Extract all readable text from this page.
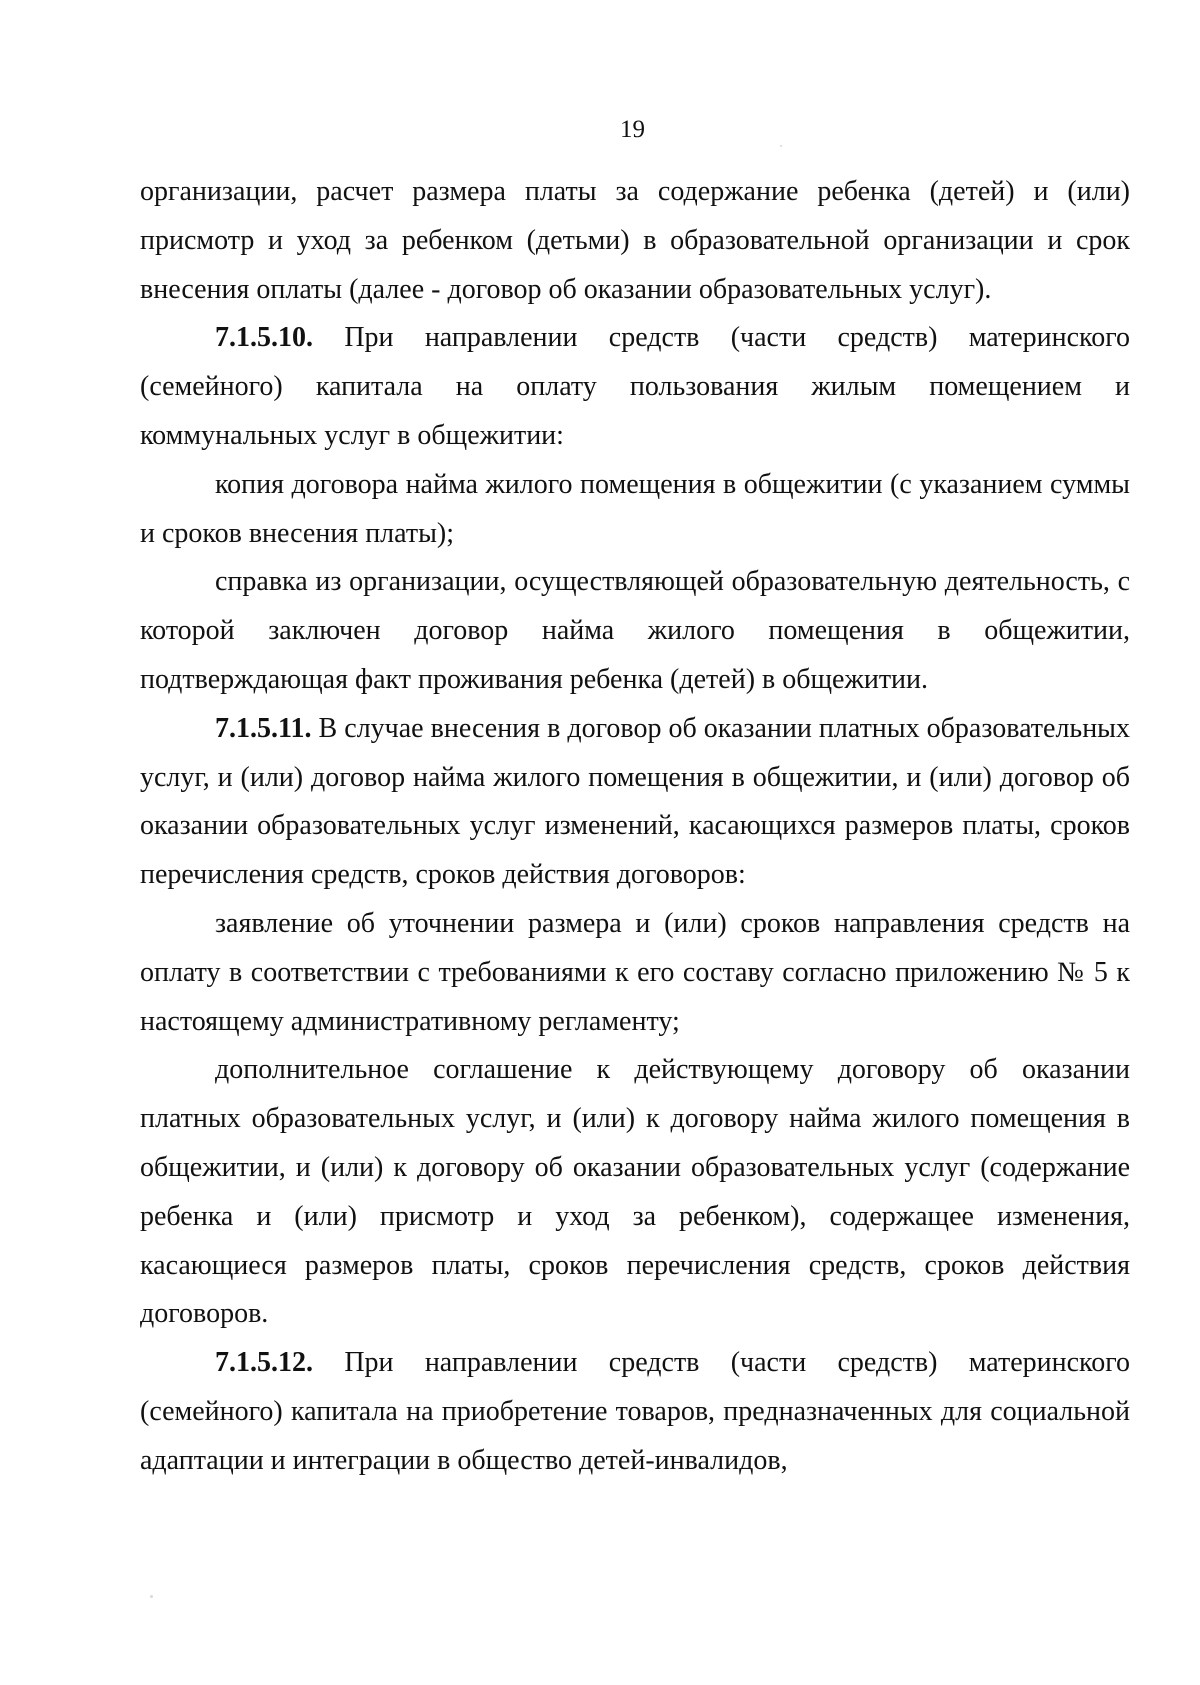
19

организации, расчет размера платы за содержание ребенка (детей) и (или) присмотр и уход за ребенком (детьми) в образовательной организации и срок внесения оплаты (далее - договор об оказании образовательных услуг).

7.1.5.10. При направлении средств (части средств) материнского (семейного) капитала на оплату пользования жилым помещением и коммунальных услуг в общежитии:

копия договора найма жилого помещения в общежитии (с указанием суммы и сроков внесения платы);

справка из организации, осуществляющей образовательную деятельность, с которой заключен договор найма жилого помещения в общежитии, подтверждающая факт проживания ребенка (детей) в общежитии.

7.1.5.11. В случае внесения в договор об оказании платных образовательных услуг, и (или) договор найма жилого помещения в общежитии, и (или) договор об оказании образовательных услуг изменений, касающихся размеров платы, сроков перечисления средств, сроков действия договоров:

заявление об уточнении размера и (или) сроков направления средств на оплату в соответствии с требованиями к его составу согласно приложению № 5 к настоящему административному регламенту;

дополнительное соглашение к действующему договору об оказании платных образовательных услуг, и (или) к договору найма жилого помещения в общежитии, и (или) к договору об оказании образовательных услуг (содержание ребенка и (или) присмотр и уход за ребенком), содержащее изменения, касающиеся размеров платы, сроков перечисления средств, сроков действия договоров.

7.1.5.12. При направлении средств (части средств) материнского (семейного) капитала на приобретение товаров, предназначенных для социальной адаптации и интеграции в общество детей-инвалидов,
